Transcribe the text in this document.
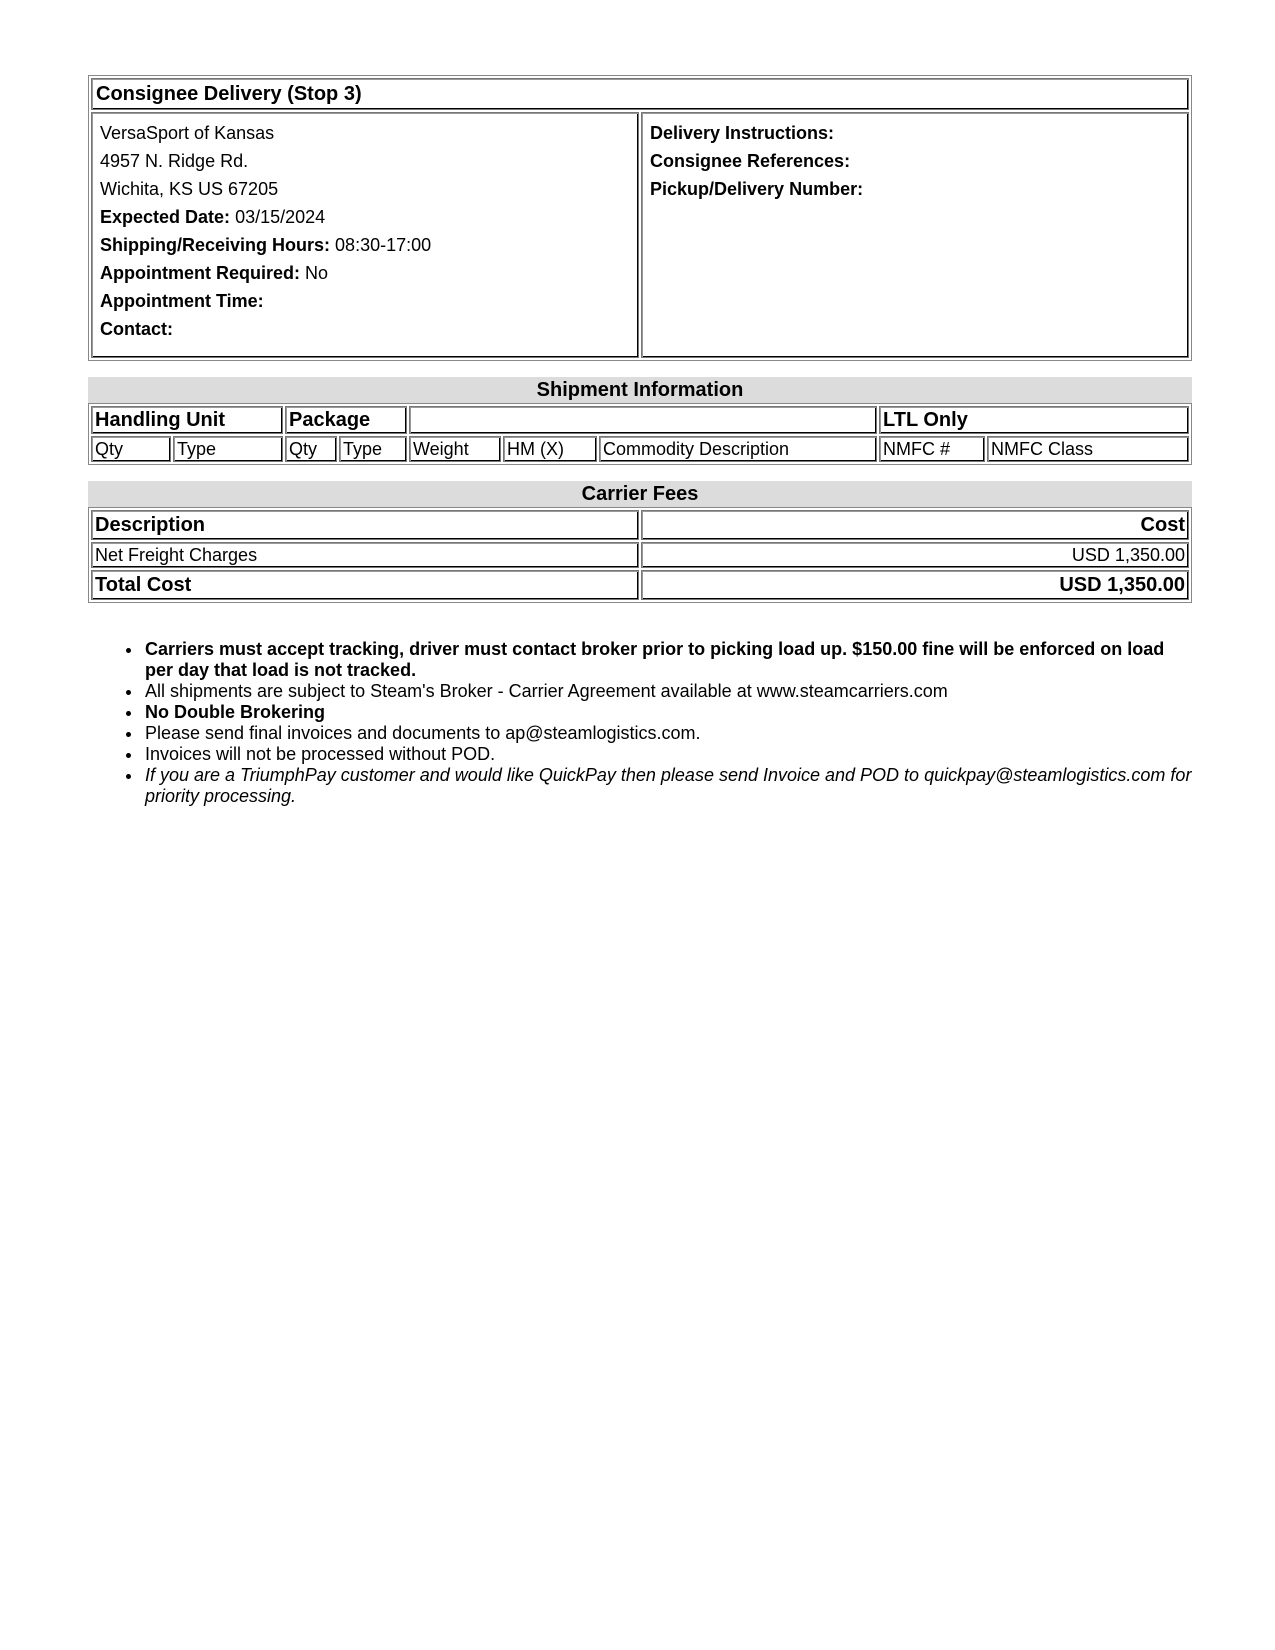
Consignee Delivery (Stop 3)

VersaSport of Kansas
4957 N. Ridge Rd.
Wichita, KS US 67205
Expected Date: 03/15/2024
Shipping/Receiving Hours: 08:30-17:00
Appointment Required: No
Appointment Time:
Contact:

Delivery Instructions:
Consignee References:
Pickup/Delivery Number:
Shipment Information
Handling Unit		Package					LTL Only	
Qty	Type	Qty	Type	Weight	HM (X)	Commodity Description	NMFC #	NMFC Class
Carrier Fees
Description	Cost
Net Freight Charges	USD 1,350.00
Total Cost	USD 1,350.00
• Carriers must accept tracking, driver must contact broker prior to picking load up. $150.00 fine will be enforced on load per day that load is not tracked.
• All shipments are subject to Steam's Broker - Carrier Agreement available at www.steamcarriers.com
• No Double Brokering
• Please send final invoices and documents to ap@steamlogistics.com.
• Invoices will not be processed without POD.
• If you are a TriumphPay customer and would like QuickPay then please send Invoice and POD to quickpay@steamlogistics.com for priority processing.
